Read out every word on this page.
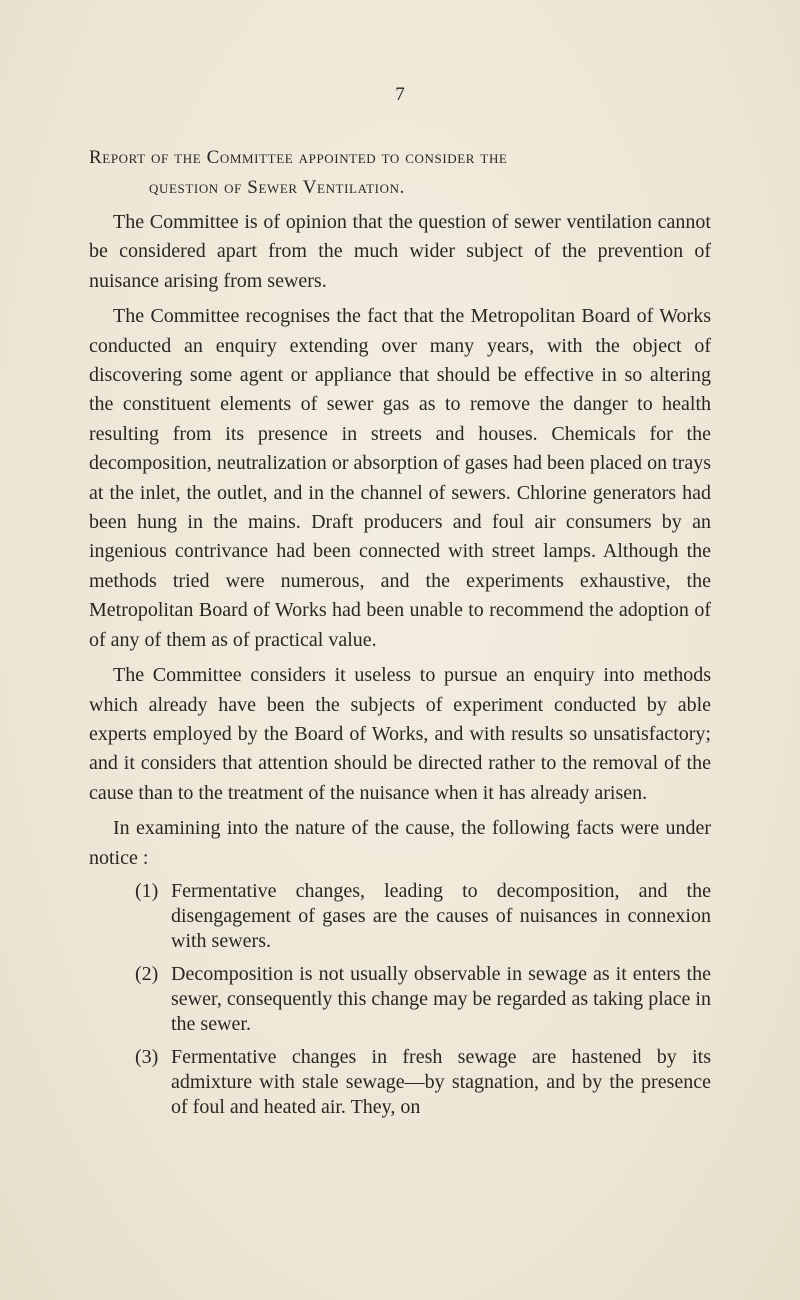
7
Report of the Committee appointed to consider the
question of Sewer Ventilation.

The Committee is of opinion that the question of sewer ventilation cannot be considered apart from the much wider subject of the prevention of nuisance arising from sewers.

The Committee recognises the fact that the Metropolitan Board of Works conducted an enquiry extending over many years, with the object of discovering some agent or appliance that should be effective in so altering the constituent elements of sewer gas as to remove the danger to health resulting from its presence in streets and houses. Chemicals for the decomposition, neutralization or absorption of gases had been placed on trays at the inlet, the outlet, and in the channel of sewers. Chlorine generators had been hung in the mains. Draft producers and foul air consumers by an ingenious contrivance had been connected with street lamps. Although the methods tried were numerous, and the experiments exhaustive, the Metropolitan Board of Works had been unable to recommend the adoption of of any of them as of practical value.

The Committee considers it useless to pursue an enquiry into methods which already have been the subjects of experiment conducted by able experts employed by the Board of Works, and with results so unsatisfactory; and it considers that attention should be directed rather to the removal of the cause than to the treatment of the nuisance when it has already arisen.

In examining into the nature of the cause, the following facts were under notice :

(1) Fermentative changes, leading to decomposition, and the disengagement of gases are the causes of nuisances in connexion with sewers.
(2) Decomposition is not usually observable in sewage as it enters the sewer, consequently this change may be regarded as taking place in the sewer.
(3) Fermentative changes in fresh sewage are hastened by its admixture with stale sewage—by stagnation, and by the presence of foul and heated air. They, on
